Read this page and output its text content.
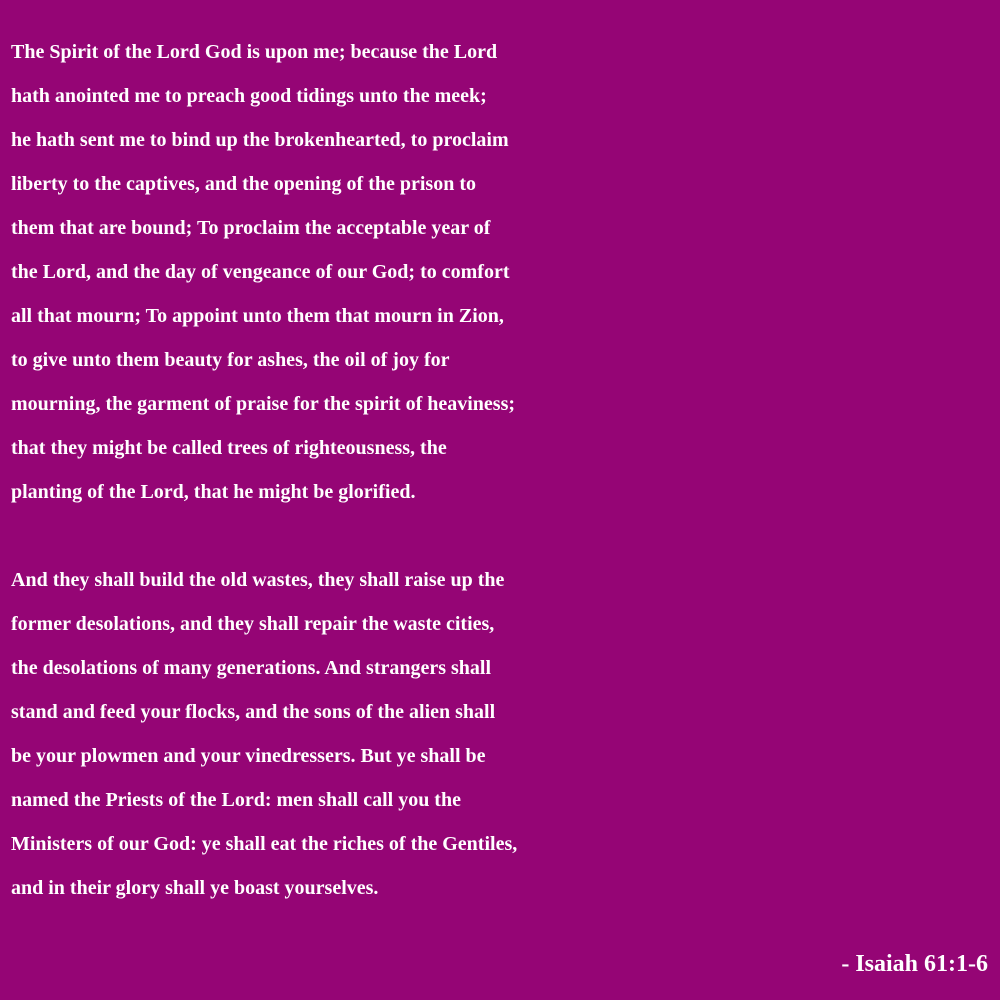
The Spirit of the Lord God is upon me; because the Lord
hath anointed me to preach good tidings unto the meek;
he hath sent me to bind up the brokenhearted, to proclaim
liberty to the captives, and the opening of the prison to
them that are bound; To proclaim the acceptable year of
the Lord, and the day of vengeance of our God; to comfort
all that mourn; To appoint unto them that mourn in Zion,
to give unto them beauty for ashes, the oil of joy for
mourning, the garment of praise for the spirit of heaviness;
that they might be called trees of righteousness, the
planting of the Lord, that he might be glorified.
And they shall build the old wastes, they shall raise up the
former desolations, and they shall repair the waste cities,
the desolations of many generations. And strangers shall
stand and feed your flocks, and the sons of the alien shall
be your plowmen and your vinedressers. But ye shall be
named the Priests of the Lord: men shall call you the
Ministers of our God: ye shall eat the riches of the Gentiles,
and in their glory shall ye boast yourselves.
- Isaiah 61:1-6
